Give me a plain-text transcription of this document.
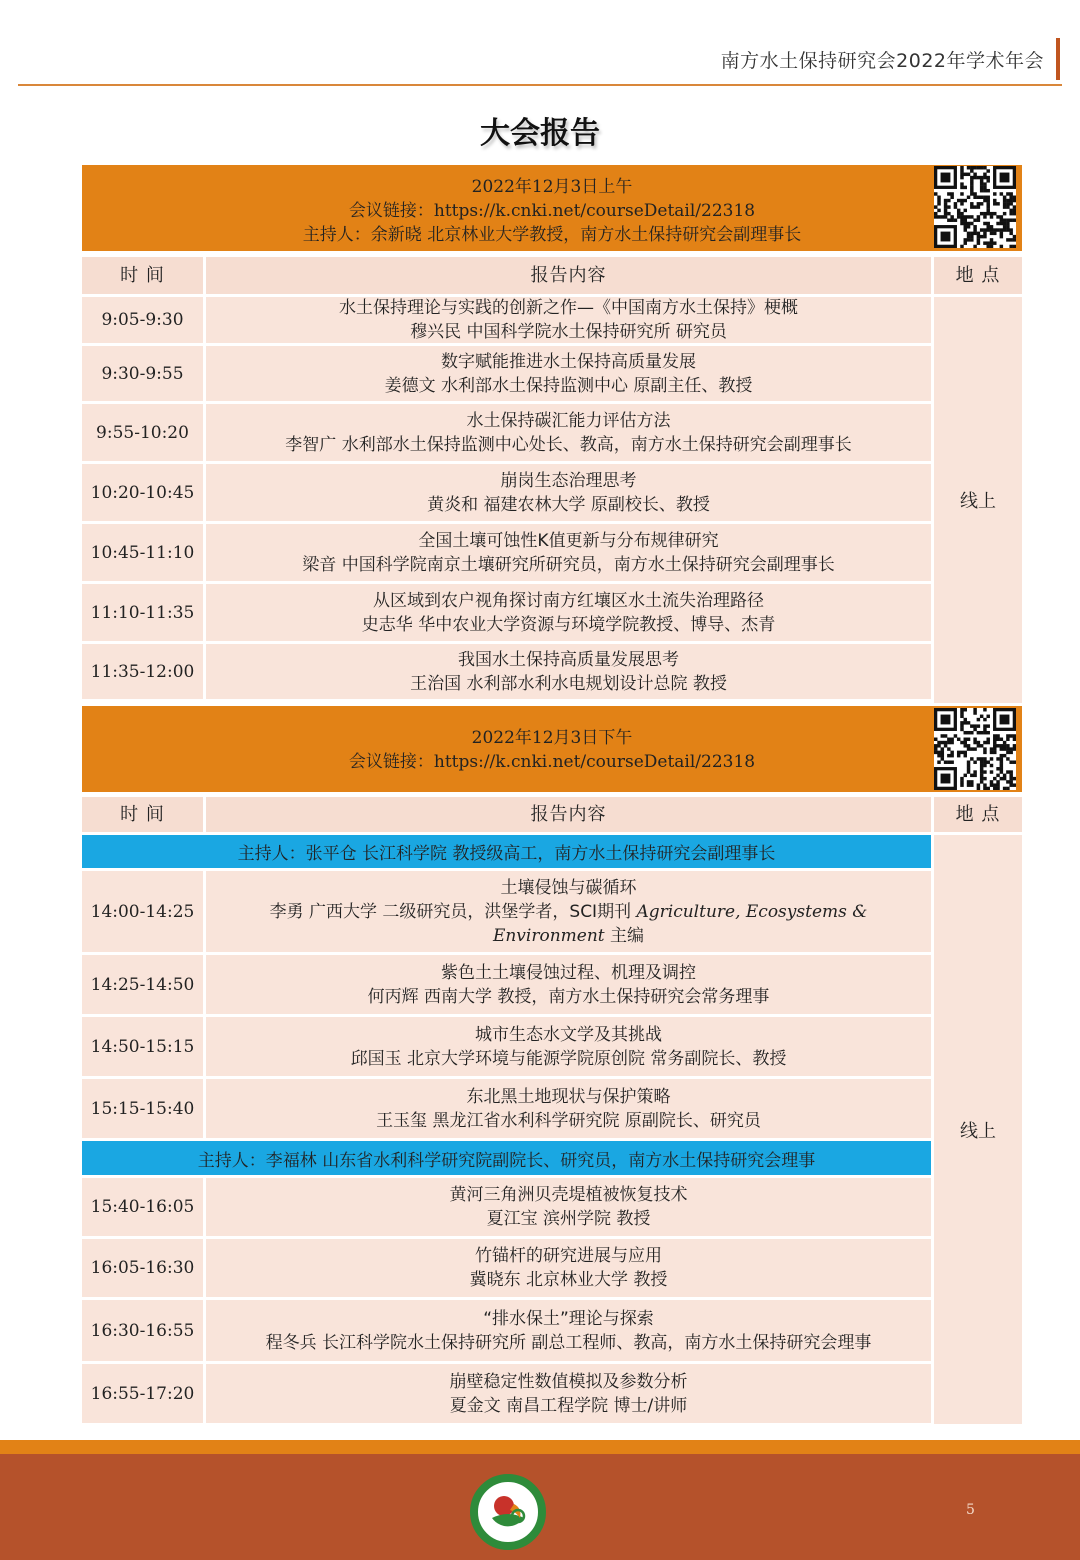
南方水土保持研究会2022年学术年会
大会报告
2022年12月3日上午
会议链接：https://k.cnki.net/courseDetail/22318
主持人：余新晓 北京林业大学教授，南方水土保持研究会副理事长
时 间	报告内容	地 点
9:05-9:30
水土保持理论与实践的创新之作—《中国南方水土保持》梗概
穆兴民 中国科学院水土保持研究所 研究员
9:30-9:55
数字赋能推进水土保持高质量发展
姜德文 水利部水土保持监测中心 原副主任、教授
9:55-10:20
水土保持碳汇能力评估方法
李智广 水利部水土保持监测中心处长、教高，南方水土保持研究会副理事长
10:20-10:45
崩岗生态治理思考
黄炎和 福建农林大学 原副校长、教授
10:45-11:10
全国土壤可蚀性K值更新与分布规律研究
梁音 中国科学院南京土壤研究所研究员，南方水土保持研究会副理事长
11:10-11:35
从区域到农户视角探讨南方红壤区水土流失治理路径
史志华 华中农业大学资源与环境学院教授、博导、杰青
11:35-12:00
我国水土保持高质量发展思考
王治国 水利部水利水电规划设计总院 教授
线上
2022年12月3日下午
会议链接：https://k.cnki.net/courseDetail/22318
时 间	报告内容	地 点
主持人：张平仓 长江科学院 教授级高工，南方水土保持研究会副理事长
14:00-14:25
土壤侵蚀与碳循环
李勇 广西大学 二级研究员，洪堡学者，SCI期刊 Agriculture, Ecosystems &
Environment 主编
14:25-14:50
紫色土土壤侵蚀过程、机理及调控
何丙辉 西南大学 教授，南方水土保持研究会常务理事
14:50-15:15
城市生态水文学及其挑战
邱国玉 北京大学环境与能源学院原创院 常务副院长、教授
15:15-15:40
东北黑土地现状与保护策略
王玉玺 黑龙江省水利科学研究院 原副院长、研究员
主持人：李福林 山东省水利科学研究院副院长、研究员，南方水土保持研究会理事
15:40-16:05
黄河三角洲贝壳堤植被恢复技术
夏江宝 滨州学院 教授
16:05-16:30
竹锚杆的研究进展与应用
冀晓东 北京林业大学 教授
16:30-16:55
“排水保土”理论与探索
程冬兵 长江科学院水土保持研究所 副总工程师、教高，南方水土保持研究会理事
16:55-17:20
崩壁稳定性数值模拟及参数分析
夏金文 南昌工程学院 博士/讲师
线上
5
